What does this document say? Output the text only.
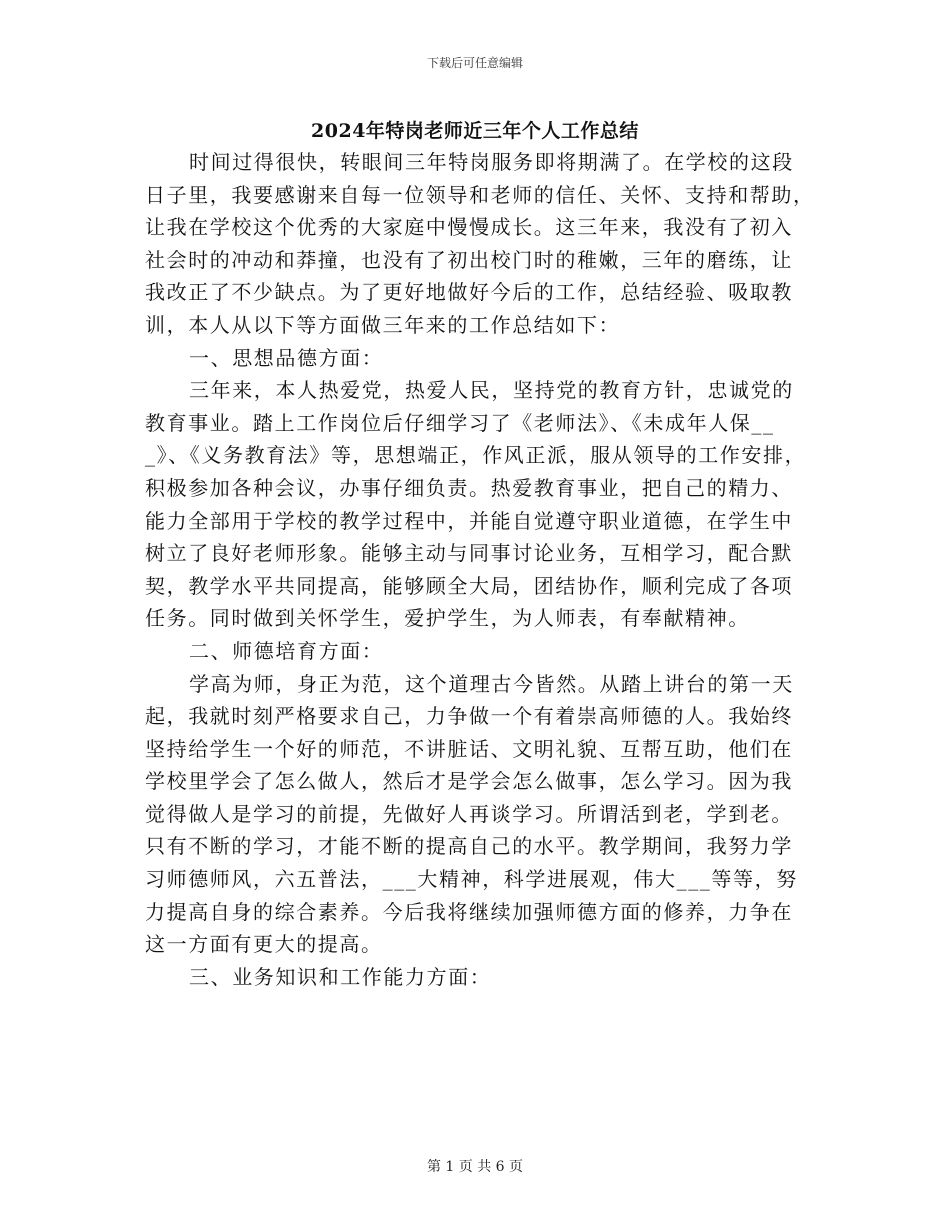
下载后可任意编辑
2024年特岗老师近三年个人工作总结
时间过得很快，转眼间三年特岗服务即将期满了。在学校的这段
日子里，我要感谢来自每一位领导和老师的信任、关怀、支持和帮助，
让我在学校这个优秀的大家庭中慢慢成长。这三年来，我没有了初入
社会时的冲动和莽撞，也没有了初出校门时的稚嫩，三年的磨练，让
我改正了不少缺点。为了更好地做好今后的工作，总结经验、吸取教
训，本人从以下等方面做三年来的工作总结如下：
一、思想品德方面：
三年来，本人热爱党，热爱人民，坚持党的教育方针，忠诚党的
教育事业。踏上工作岗位后仔细学习了《老师法》、《未成年人保__
_》、《义务教育法》等，思想端正，作风正派，服从领导的工作安排，
积极参加各种会议，办事仔细负责。热爱教育事业，把自己的精力、
能力全部用于学校的教学过程中，并能自觉遵守职业道德，在学生中
树立了良好老师形象。能够主动与同事讨论业务，互相学习，配合默
契，教学水平共同提高，能够顾全大局，团结协作，顺利完成了各项
任务。同时做到关怀学生，爱护学生，为人师表，有奉献精神。
二、师德培育方面：
学高为师，身正为范，这个道理古今皆然。从踏上讲台的第一天
起，我就时刻严格要求自己，力争做一个有着崇高师德的人。我始终
坚持给学生一个好的师范，不讲脏话、文明礼貌、互帮互助，他们在
学校里学会了怎么做人，然后才是学会怎么做事，怎么学习。因为我
觉得做人是学习的前提，先做好人再谈学习。所谓活到老，学到老。
只有不断的学习，才能不断的提高自己的水平。教学期间，我努力学
习师德师风，六五普法，___大精神，科学进展观，伟大___等等，努
力提高自身的综合素养。今后我将继续加强师德方面的修养，力争在
这一方面有更大的提高。
三、业务知识和工作能力方面：
第 1 页 共 6 页
